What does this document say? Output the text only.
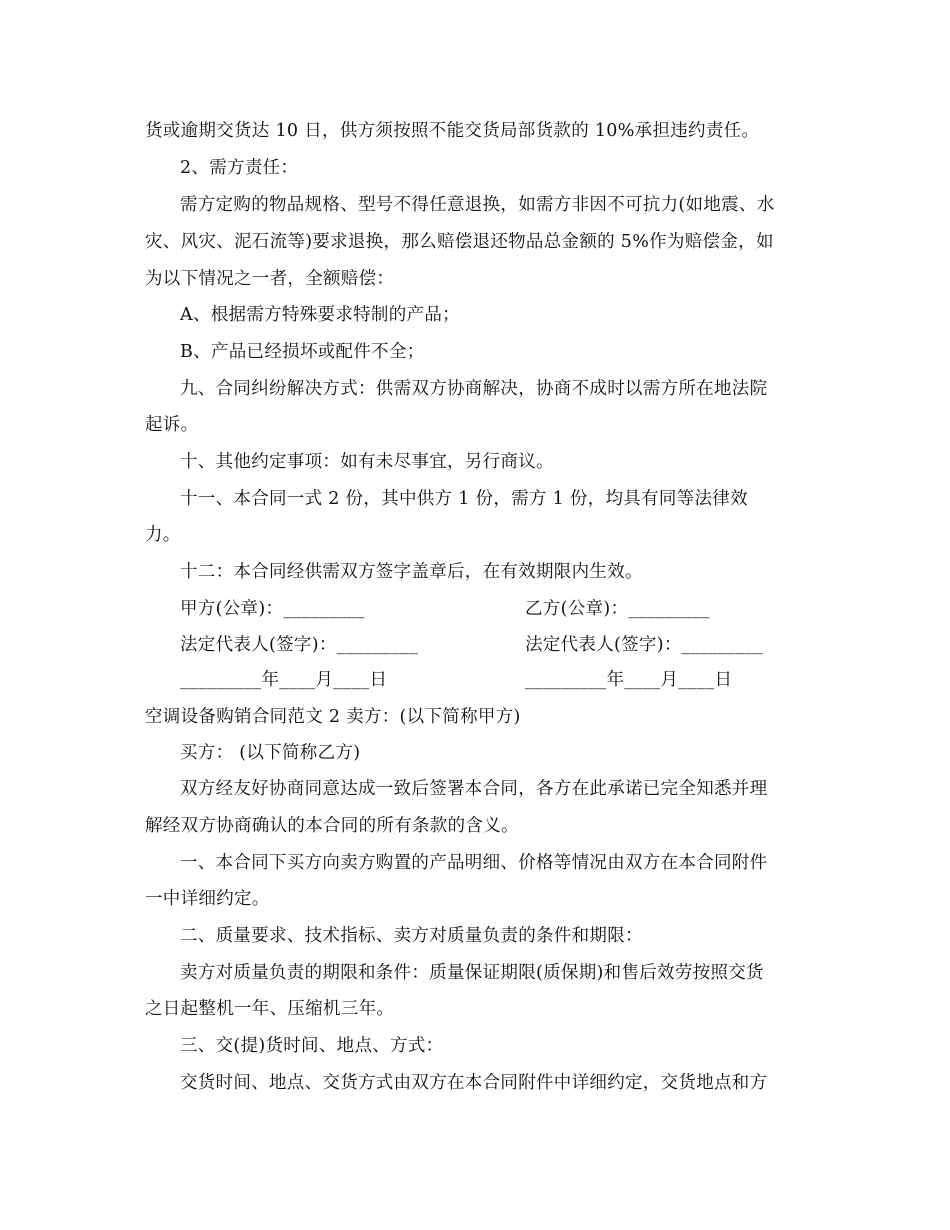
货或逾期交货达 10 日，供方须按照不能交货局部货款的 10%承担违约责任。
2、需方责任：
需方定购的物品规格、型号不得任意退换，如需方非因不可抗力(如地震、水
灾、风灾、泥石流等)要求退换，那么赔偿退还物品总金额的 5%作为赔偿金，如
为以下情况之一者，全额赔偿：
A、根据需方特殊要求特制的产品；
B、产品已经损坏或配件不全；
九、合同纠纷解决方式：供需双方协商解决，协商不成时以需方所在地法院
起诉。
十、其他约定事项：如有未尽事宜，另行商议。
十一、本合同一式 2 份，其中供方 1 份，需方 1 份，均具有同等法律效
力。
十二：本合同经供需双方签字盖章后，在有效期限内生效。
甲方(公章)：_________	乙方(公章)：_________
法定代表人(签字)：_________	法定代表人(签字)：_________
_________年____月____日	_________年____月____日
空调设备购销合同范文 2 卖方：(以下简称甲方)
买方： (以下简称乙方)
双方经友好协商同意达成一致后签署本合同，各方在此承诺已完全知悉并理
解经双方协商确认的本合同的所有条款的含义。
一、本合同下买方向卖方购置的产品明细、价格等情况由双方在本合同附件
一中详细约定。
二、质量要求、技术指标、卖方对质量负责的条件和期限：
卖方对质量负责的期限和条件：质量保证期限(质保期)和售后效劳按照交货
之日起整机一年、压缩机三年。
三、交(提)货时间、地点、方式：
交货时间、地点、交货方式由双方在本合同附件中详细约定，交货地点和方
